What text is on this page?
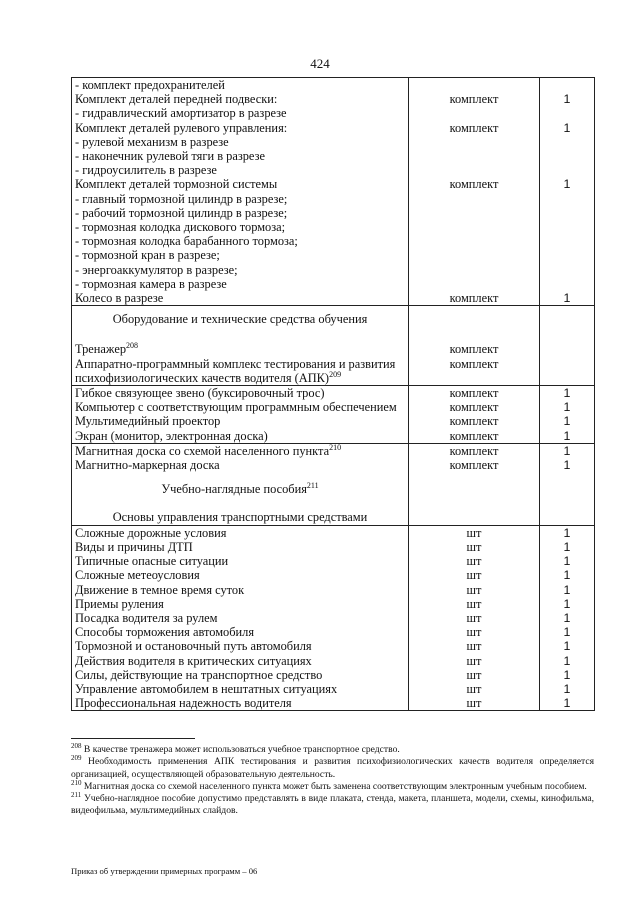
424
- комплект предохранителей		
Комплект деталей передней подвески:	комплект	1
- гидравлический амортизатор в разрезе		
Комплект деталей рулевого управления:	комплект	1
- рулевой механизм в разрезе		
- наконечник рулевой тяги в разрезе		
- гидроусилитель в разрезе		
Комплект деталей тормозной системы	комплект	1
- главный тормозной цилиндр в разрезе;		
- рабочий тормозной цилиндр в разрезе;		
- тормозная колодка дискового тормоза;		
- тормозная колодка барабанного тормоза;		
- тормозной кран в разрезе;		
- энергоаккумулятор в разрезе;		
- тормозная камера в разрезе		
Колесо в разрезе	комплект	1

Оборудование и технические средства обучения		

Тренажер$^{208}$	комплект	
Аппаратно-программный комплекс тестирования и развития
психофизиологических качеств водителя (АПК)$^{209}$	комплект	
Гибкое связующее звено (буксировочный трос)	комплект	1
Компьютер с соответствующим программным обеспечением	комплект	1
Мультимедийный проектор	комплект	1
Экран (монитор, электронная доска)	комплект	1
Магнитная доска со схемой населенного пункта$^{210}$	комплект	1
Магнитно-маркерная доска	комплект	1

Учебно-наглядные пособия$^{211}$		

Основы управления транспортными средствами		
Сложные дорожные условия	шт	1
Виды и причины ДТП	шт	1
Типичные опасные ситуации	шт	1
Сложные метеоусловия	шт	1
Движение в темное время суток	шт	1
Приемы руления	шт	1
Посадка водителя за рулем	шт	1
Способы торможения автомобиля	шт	1
Тормозной и остановочный путь автомобиля	шт	1
Действия водителя в критических ситуациях	шт	1
Силы, действующие на транспортное средство	шт	1
Управление автомобилем в нештатных ситуациях	шт	1
Профессиональная надежность водителя	шт	1

$^{208}$ В качестве тренажера может использоваться учебное транспортное средство.

$^{209}$ Необходимость применения АПК тестирования и развития психофизиологических качеств водителя определяется организацией, осуществляющей образовательную деятельность.

$^{210}$ Магнитная доска со схемой населенного пункта может быть заменена соответствующим электронным учебным пособием.

$^{211}$ Учебно-наглядное пособие допустимо представлять в виде плаката, стенда, макета, планшета, модели, схемы, кинофильма, видеофильма, мультимедийных слайдов.

Приказ об утверждении примерных программ – 06
